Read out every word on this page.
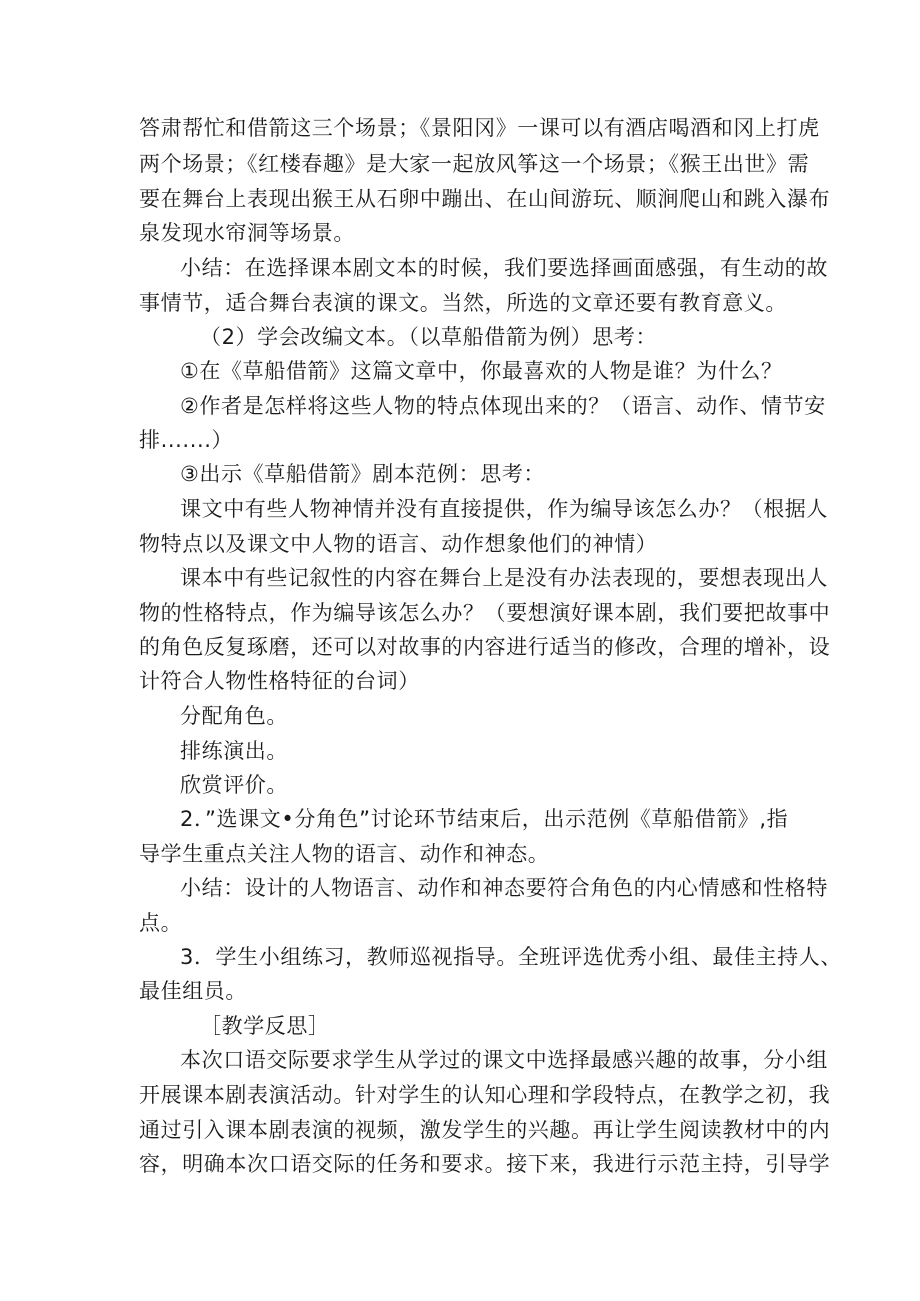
答肃帮忙和借箭这三个场景；《景阳冈》一课可以有酒店喝酒和冈上打虎
两个场景；《红楼春趣》是大家一起放风筝这一个场景；《猴王出世》需
要在舞台上表现出猴王从石卵中蹦出、在山间游玩、顺涧爬山和跳入瀑布
泉发现水帘洞等场景。
小结：在选择课本剧文本的时候，我们要选择画面感强，有生动的故
事情节，适合舞台表演的课文。当然，所选的文章还要有教育意义。
（2）学会改编文本。（以草船借箭为例）思考：
①在《草船借箭》这篇文章中，你最喜欢的人物是谁？为什么？
②作者是怎样将这些人物的特点体现出来的？（语言、动作、情节安
排.......）
③出示《草船借箭》剧本范例：思考：
课文中有些人物神情并没有直接提供，作为编导该怎么办？（根据人
物特点以及课文中人物的语言、动作想象他们的神情）
课本中有些记叙性的内容在舞台上是没有办法表现的，要想表现出人
物的性格特点，作为编导该怎么办？（要想演好课本剧，我们要把故事中
的角色反复琢磨，还可以对故事的内容进行适当的修改，合理的增补，设
计符合人物性格特征的台词）
分配角色。
排练演出。
欣赏评价。
2．”选课文•分角色”讨论环节结束后，出示范例《草船借箭》,指
导学生重点关注人物的语言、动作和神态。
小结：设计的人物语言、动作和神态要符合角色的内心情感和性格特
点。
3．学生小组练习，教师巡视指导。全班评选优秀小组、最佳主持人、
最佳组员。
［教学反思］
本次口语交际要求学生从学过的课文中选择最感兴趣的故事，分小组
开展课本剧表演活动。针对学生的认知心理和学段特点，在教学之初，我
通过引入课本剧表演的视频，激发学生的兴趣。再让学生阅读教材中的内
容，明确本次口语交际的任务和要求。接下来，我进行示范主持，引导学
